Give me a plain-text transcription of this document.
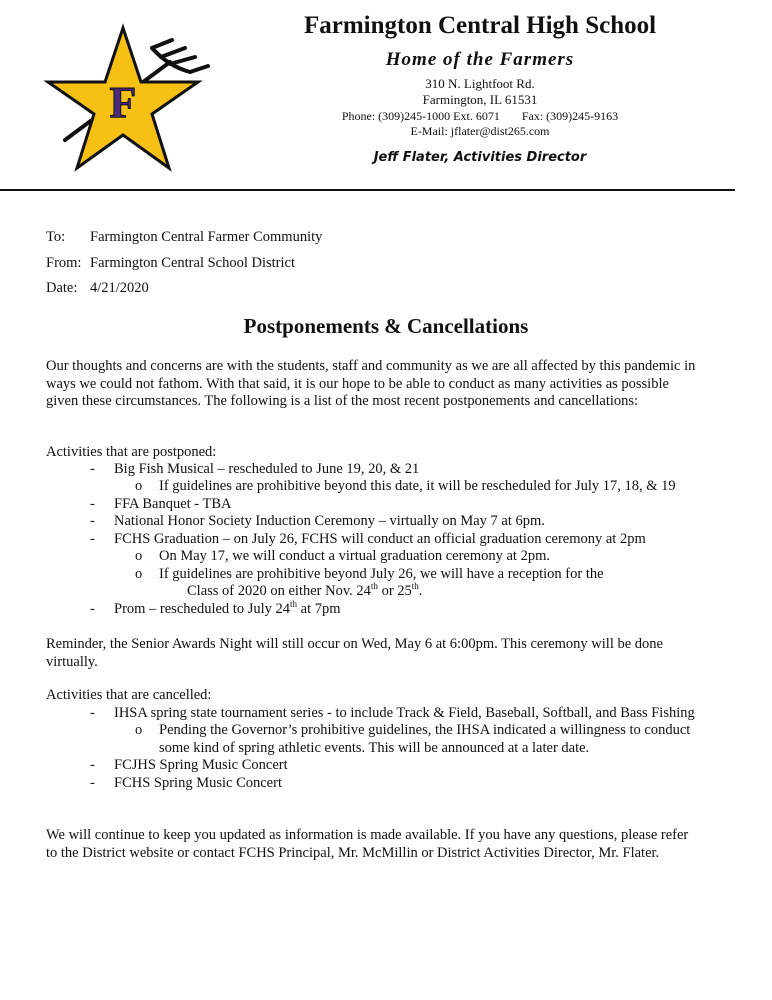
F
Farmington Central High School
Home of the Farmers
310 N. Lightfoot Rd.
Farmington, IL 61531
Phone: (309)245-1000 Ext. 6071 Fax: (309)245-9163
E-Mail: jflater@dist265.com
Jeff Flater, Activities Director
To:	Farmington Central Farmer Community
From: Farmington Central School District
Date: 4/21/2020
Postponements & Cancellations
Our thoughts and concerns are with the students, staff and community as we are all affected by this pandemic in
ways we could not fathom. With that said, it is our hope to be able to conduct as many activities as possible
given these circumstances. The following is a list of the most recent postponements and cancellations:
Activities that are postponed:
- Big Fish Musical – rescheduled to June 19, 20, & 21
o If guidelines are prohibitive beyond this date, it will be rescheduled for July 17, 18, & 19
- FFA Banquet - TBA
- National Honor Society Induction Ceremony – virtually on May 7 at 6pm.
- FCHS Graduation – on July 26, FCHS will conduct an official graduation ceremony at 2pm
o On May 17, we will conduct a virtual graduation ceremony at 2pm.
o If guidelines are prohibitive beyond July 26, we will have a reception for the
Class of 2020 on either Nov. 24th or 25th.
- Prom – rescheduled to July 24th at 7pm
Reminder, the Senior Awards Night will still occur on Wed, May 6 at 6:00pm. This ceremony will be done
virtually.
Activities that are cancelled:
- IHSA spring state tournament series - to include Track & Field, Baseball, Softball, and Bass Fishing
o Pending the Governor’s prohibitive guidelines, the IHSA indicated a willingness to conduct
some kind of spring athletic events. This will be announced at a later date.
- FCJHS Spring Music Concert
- FCHS Spring Music Concert
We will continue to keep you updated as information is made available. If you have any questions, please refer
to the District website or contact FCHS Principal, Mr. McMillin or District Activities Director, Mr. Flater.
